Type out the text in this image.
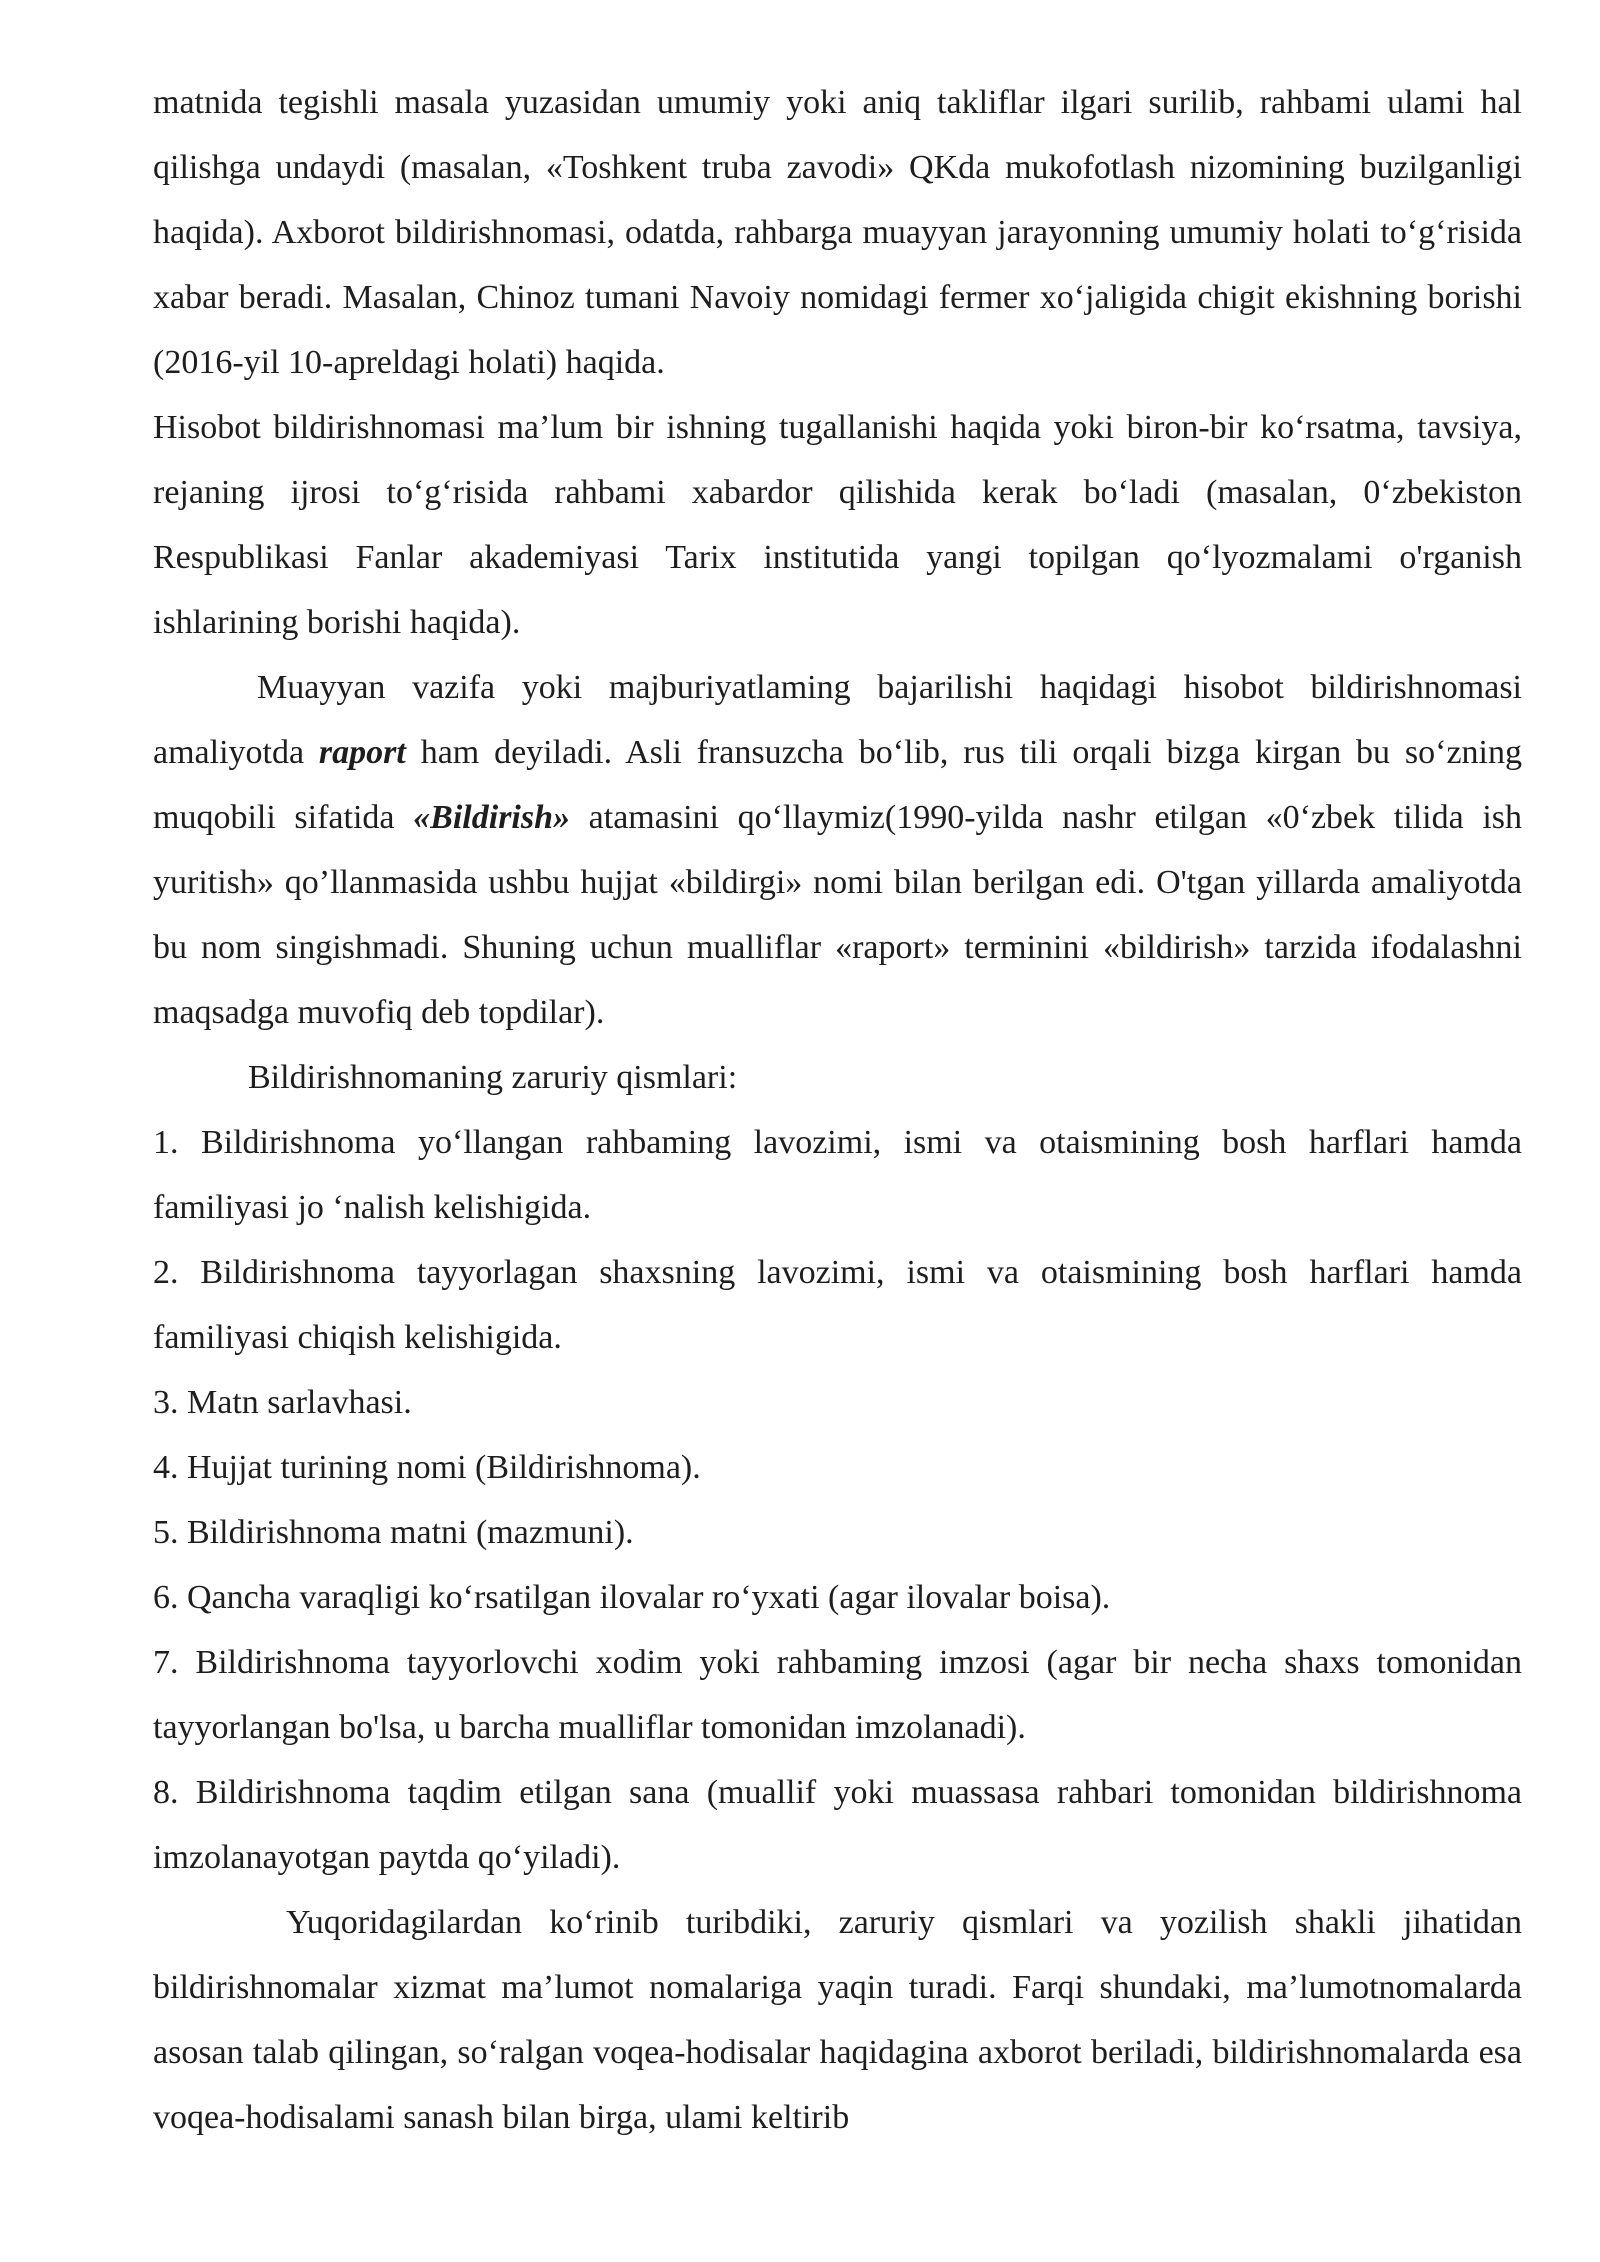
matnida tegishli masala yuzasidan umumiy yoki aniq takliflar ilgari surilib, rahbami ulami hal qilishga undaydi (masalan, «Toshkent truba zavodi» QKda mukofotlash nizomining buzilganligi haqida). Axborot bildirishnomasi, odatda, rahbarga muayyan jarayonning umumiy holati to‘g‘risida xabar beradi. Masalan, Chinoz tumani Navoiy nomidagi fermer xo‘jaligida chigit ekishning borishi (2016-yil 10-apreldagi holati) haqida.

Hisobot bildirishnomasi ma’lum bir ishning tugallanishi haqida yoki biron-bir ko‘rsatma, tavsiya, rejaning ijrosi to‘g‘risida rahbami xabardor qilishida kerak bo‘ladi (masalan, 0‘zbekiston Respublikasi Fanlar akademiyasi Tarix institutida yangi topilgan qo‘lyozmalami o'rganish ishlarining borishi haqida).

Muayyan vazifa yoki majburiyatlaming bajarilishi haqidagi hisobot bildirishnomasi amaliyotda raport ham deyiladi. Asli fransuzcha bo‘lib, rus tili orqali bizga kirgan bu so‘zning muqobili sifatida «Bildirish» atamasini qo‘llaymiz(1990-yilda nashr etilgan «0‘zbek tilida ish yuritish» qo’llanmasida ushbu hujjat «bildirgi» nomi bilan berilgan edi. O'tgan yillarda amaliyotda bu nom singishmadi. Shuning uchun mualliflar «raport» terminini «bildirish» tarzida ifodalashni maqsadga muvofiq deb topdilar).

Bildirishnomaning zaruriy qismlari:

1. Bildirishnoma yo‘llangan rahbaming lavozimi, ismi va otaismining bosh harflari hamda familiyasi jo ‘nalish kelishigida.

2. Bildirishnoma tayyorlagan shaxsning lavozimi, ismi va otaismining bosh harflari hamda familiyasi chiqish kelishigida.

3. Matn sarlavhasi.

4. Hujjat turining nomi (Bildirishnoma).

5. Bildirishnoma matni (mazmuni).

6. Qancha varaqligi ko‘rsatilgan ilovalar ro‘yxati (agar ilovalar boisa).

7. Bildirishnoma tayyorlovchi xodim yoki rahbaming imzosi (agar bir necha shaxs tomonidan tayyorlangan bo'lsa, u barcha mualliflar tomonidan imzolanadi).

8. Bildirishnoma taqdim etilgan sana (muallif yoki muassasa rahbari tomonidan bildirishnoma imzolanayotgan paytda qo‘yiladi).

Yuqoridagilardan ko‘rinib turibdiki, zaruriy qismlari va yozilish shakli jihatidan bildirishnomalar xizmat ma’lumot nomalariga yaqin turadi. Farqi shundaki, ma’lumotnomalarda asosan talab qilingan, so‘ralgan voqea-hodisalar haqidagina axborot beriladi, bildirishnomalarda esa voqea-hodisalami sanash bilan birga, ulami keltirib
